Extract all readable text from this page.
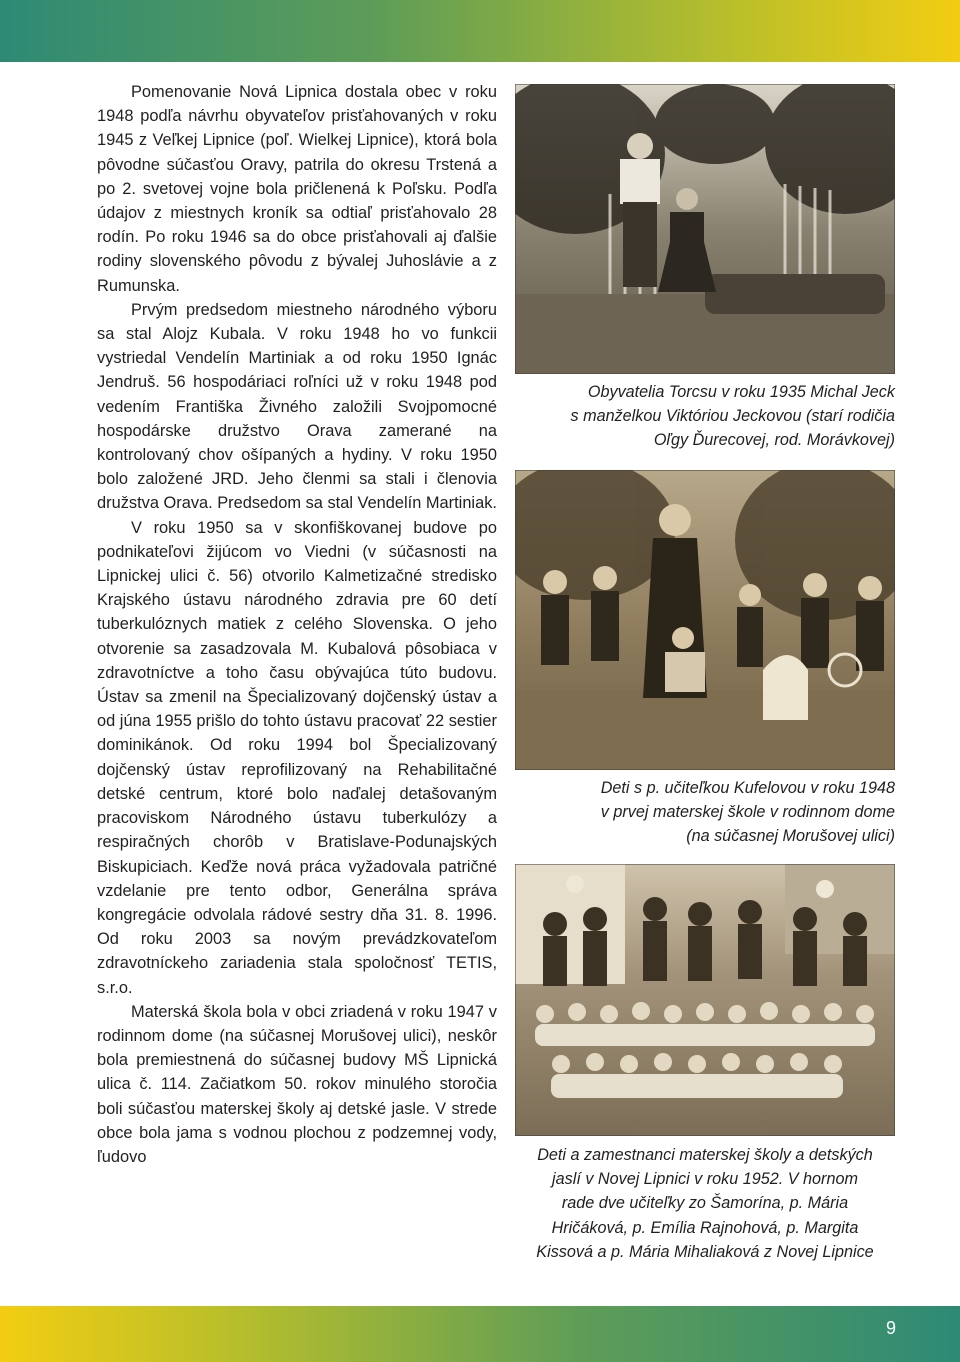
Pomenovanie Nová Lipnica dostala obec v roku 1948 podľa návrhu obyvateľov prisťahovaných v roku 1945 z Veľkej Lipnice (poľ. Wielkej Lipnice), ktorá bola pôvodne súčasťou Oravy, patrila do okresu Trstená a po 2. svetovej vojne bola pričlenená k Poľsku. Podľa údajov z miestnych kroník sa odtiaľ prisťahovalo 28 rodín. Po roku 1946 sa do obce prisťahovali aj ďalšie rodiny slovenského pôvodu z bývalej Juhoslávie a z Rumunska.

Prvým predsedom miestneho národného výboru sa stal Alojz Kubala. V roku 1948 ho vo funkcii vystriedal Vendelín Martiniak a od roku 1950 Ignác Jendruš. 56 hospodáriaci roľníci už v roku 1948 pod vedením Františka Živného založili Svojpomocné hospodárske družstvo Orava zamerané na kontrolovaný chov ošípaných a hydiny. V roku 1950 bolo založené JRD. Jeho členmi sa stali i členovia družstva Orava. Predsedom sa stal Vendelín Martiniak.

V roku 1950 sa v skonfiškovanej budove po podnikateľovi žijúcom vo Viedni (v súčasnosti na Lipnickej ulici č. 56) otvorilo Kalmetizačné stredisko Krajského ústavu národného zdravia pre 60 detí tuberkulóznych matiek z celého Slovenska. O jeho otvorenie sa zasadzovala M. Kubalová pôsobiaca v zdravotníctve a toho času obývajúca túto budovu. Ústav sa zmenil na Špecializovaný dojčenský ústav a od júna 1955 prišlo do tohto ústavu pracovať 22 sestier dominikánok. Od roku 1994 bol Špecializovaný dojčenský ústav reprofilizovaný na Rehabilitačné detské centrum, ktoré bolo naďalej detašovaným pracoviskom Národného ústavu tuberkulózy a respiračných chorôb v Bratislave-Podunajských Biskupiciach. Keďže nová práca vyžadovala patričné vzdelanie pre tento odbor, Generálna správa kongregácie odvolala rádové sestry dňa 31. 8. 1996. Od roku 2003 sa novým prevádzkovateľom zdravotníckeho zariadenia stala spoločnosť TETIS, s.r.o.

Materská škola bola v obci zriadená v roku 1947 v rodinnom dome (na súčasnej Morušovej ulici), neskôr bola premiestnená do súčasnej budovy MŠ Lipnická ulica č. 114. Začiatkom 50. rokov minulého storočia boli súčasťou materskej školy aj detské jasle. V strede obce bola jama s vodnou plochou z podzemnej vody, ľudovo

Obyvatelia Torcsu v roku 1935 Michal Jeck
s manželkou Viktóriou Jeckovou (starí rodičia
Oľgy Ďurecovej, rod. Morávkovej)
Deti s p. učiteľkou Kufelovou v roku 1948
v prvej materskej škole v rodinnom dome
(na súčasnej Morušovej ulici)
Deti a zamestnanci materskej školy a detských
jaslí v Novej Lipnici v roku 1952. V hornom
rade dve učiteľky zo Šamorína, p. Mária
Hričáková, p. Emília Rajnohová, p. Margita
Kissová a p. Mária Mihaliaková z Novej Lipnice
9
